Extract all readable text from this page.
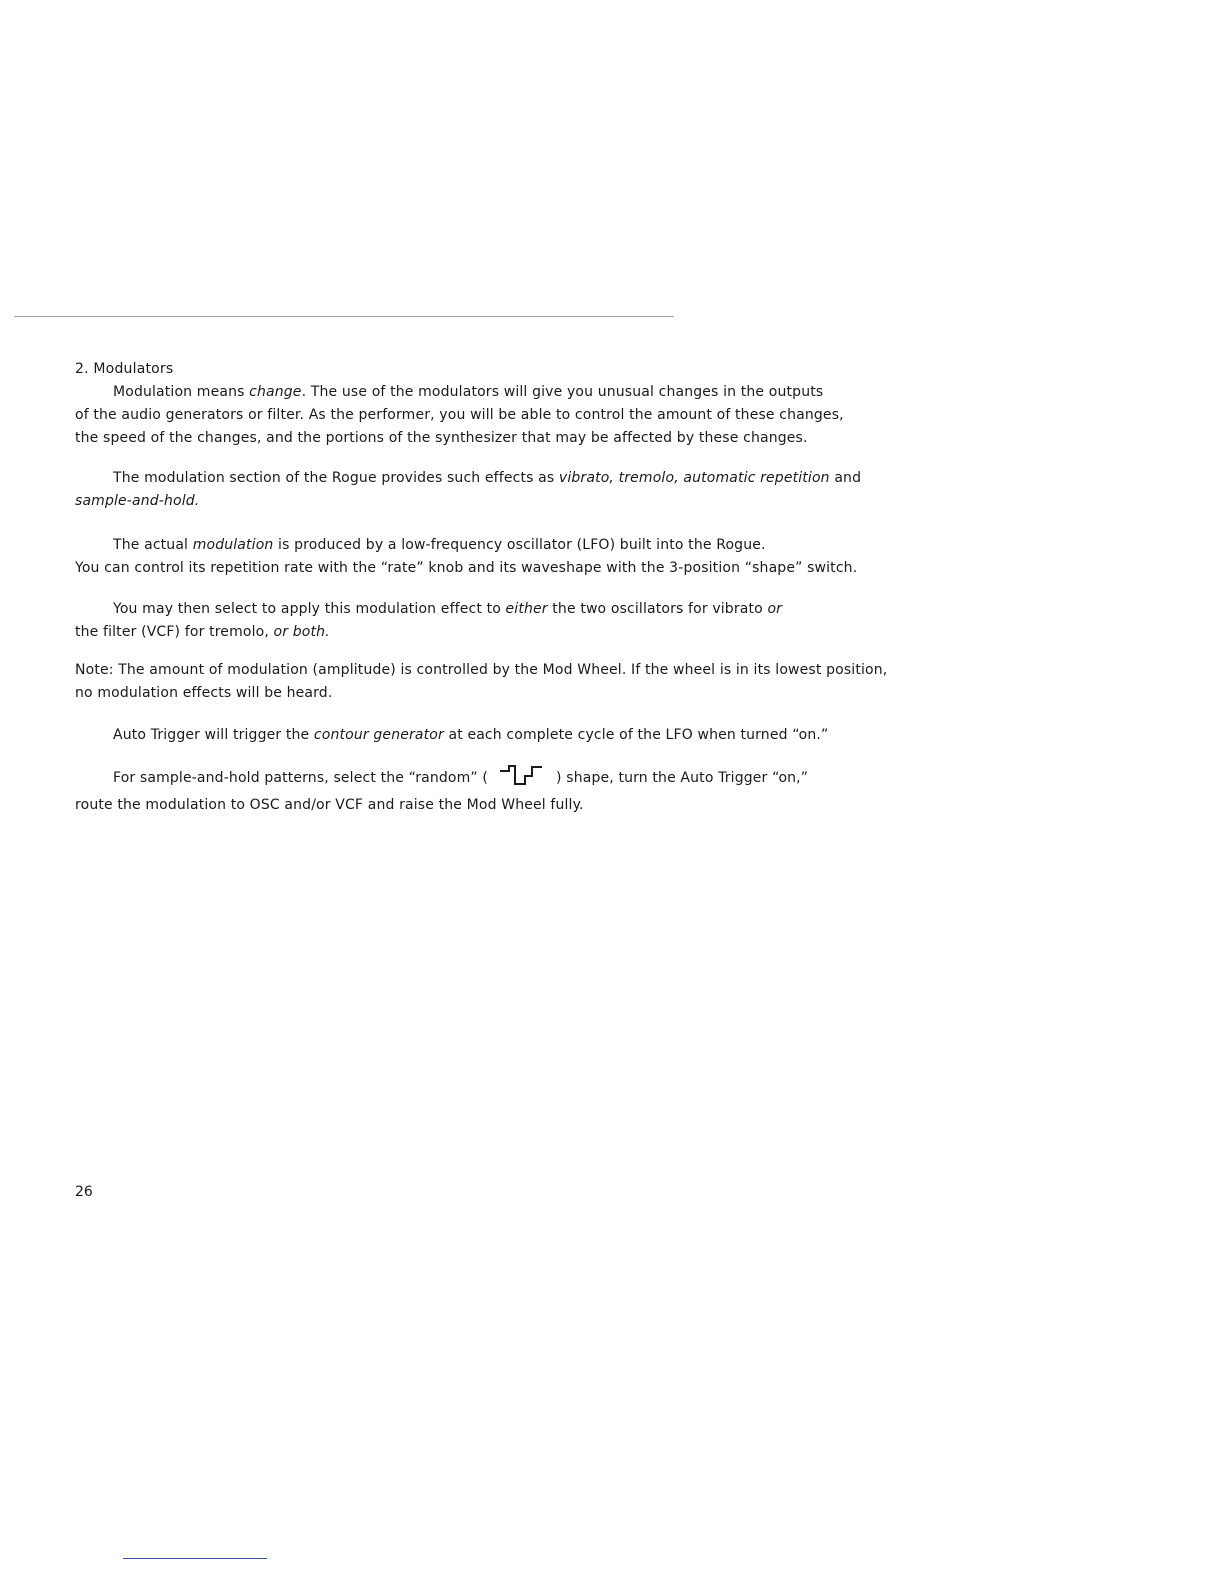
2. Modulators
Modulation means change. The use of the modulators will give you unusual changes in the outputs
of the audio generators or filter. As the performer, you will be able to control the amount of these changes,
the speed of the changes, and the portions of the synthesizer that may be affected by these changes.
The modulation section of the Rogue provides such effects as vibrato, tremolo, automatic repetition and
sample-and-hold.
The actual modulation is produced by a low-frequency oscillator (LFO) built into the Rogue.
You can control its repetition rate with the “rate” knob and its waveshape with the 3-position “shape” switch.
You may then select to apply this modulation effect to either the two oscillators for vibrato or
the filter (VCF) for tremolo, or both.
Note: The amount of modulation (amplitude) is controlled by the Mod Wheel. If the wheel is in its lowest position,
no modulation effects will be heard.
Auto Trigger will trigger the contour generator at each complete cycle of the LFO when turned “on.”
For sample-and-hold patterns, select the “random” (	) shape, turn the Auto Trigger “on,”
route the modulation to OSC and/or VCF and raise the Mod Wheel fully.
26
